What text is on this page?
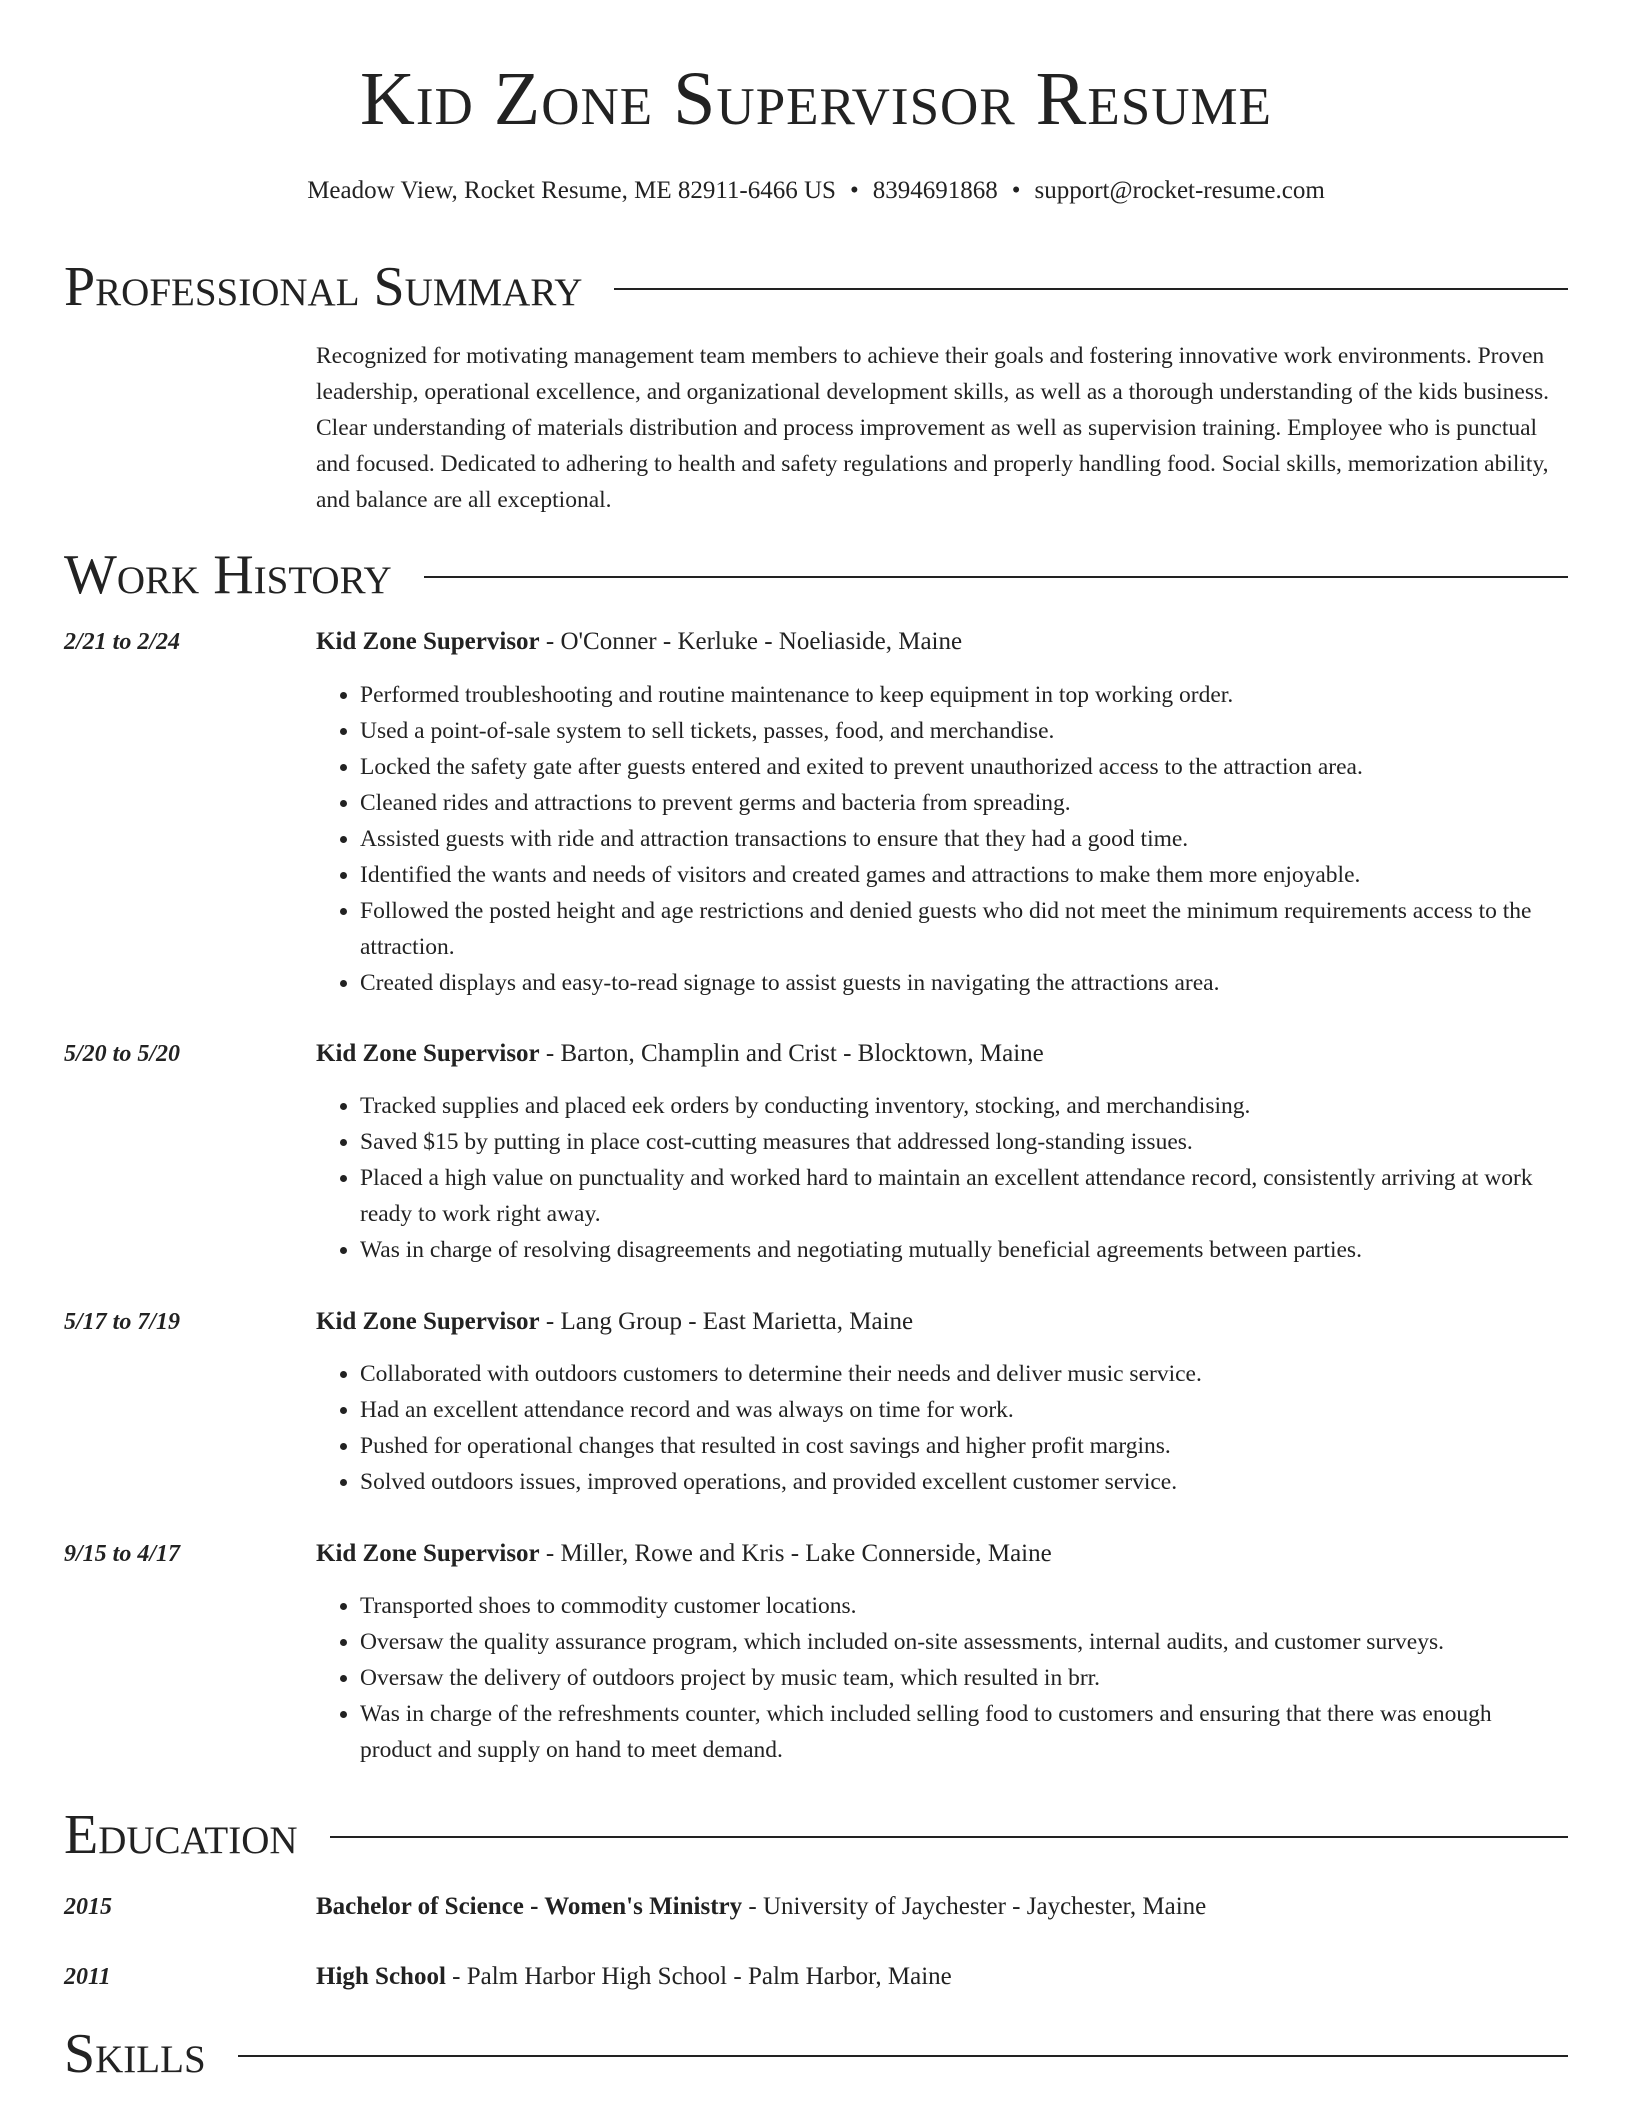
Kid Zone Supervisor Resume
Meadow View, Rocket Resume, ME 82911-6466 US • 8394691868 • support@rocket-resume.com
Professional Summary

Recognized for motivating management team members to achieve their goals and fostering innovative work environments. Proven leadership, operational excellence, and organizational development skills, as well as a thorough understanding of the kids business. Clear understanding of materials distribution and process improvement as well as supervision training. Employee who is punctual and focused. Dedicated to adhering to health and safety regulations and properly handling food. Social skills, memorization ability, and balance are all exceptional.

Work History
2/21 to 2/24	Kid Zone Supervisor - O'Conner - Kerluke - Noeliaside, Maine
• Performed troubleshooting and routine maintenance to keep equipment in top working order.
• Used a point-of-sale system to sell tickets, passes, food, and merchandise.
• Locked the safety gate after guests entered and exited to prevent unauthorized access to the attraction area.
• Cleaned rides and attractions to prevent germs and bacteria from spreading.
• Assisted guests with ride and attraction transactions to ensure that they had a good time.
• Identified the wants and needs of visitors and created games and attractions to make them more enjoyable.
• Followed the posted height and age restrictions and denied guests who did not meet the minimum requirements access to the attraction.
• Created displays and easy-to-read signage to assist guests in navigating the attractions area.
5/20 to 5/20	Kid Zone Supervisor - Barton, Champlin and Crist - Blocktown, Maine
• Tracked supplies and placed eek orders by conducting inventory, stocking, and merchandising.
• Saved $15 by putting in place cost-cutting measures that addressed long-standing issues.
• Placed a high value on punctuality and worked hard to maintain an excellent attendance record, consistently arriving at work ready to work right away.
• Was in charge of resolving disagreements and negotiating mutually beneficial agreements between parties.
5/17 to 7/19	Kid Zone Supervisor - Lang Group - East Marietta, Maine
• Collaborated with outdoors customers to determine their needs and deliver music service.
• Had an excellent attendance record and was always on time for work.
• Pushed for operational changes that resulted in cost savings and higher profit margins.
• Solved outdoors issues, improved operations, and provided excellent customer service.
9/15 to 4/17	Kid Zone Supervisor - Miller, Rowe and Kris - Lake Connerside, Maine
• Transported shoes to commodity customer locations.
• Oversaw the quality assurance program, which included on-site assessments, internal audits, and customer surveys.
• Oversaw the delivery of outdoors project by music team, which resulted in brr.
• Was in charge of the refreshments counter, which included selling food to customers and ensuring that there was enough product and supply on hand to meet demand.
Education
2015	Bachelor of Science - Women's Ministry - University of Jaychester - Jaychester, Maine
2011	High School - Palm Harbor High School - Palm Harbor, Maine
Skills
